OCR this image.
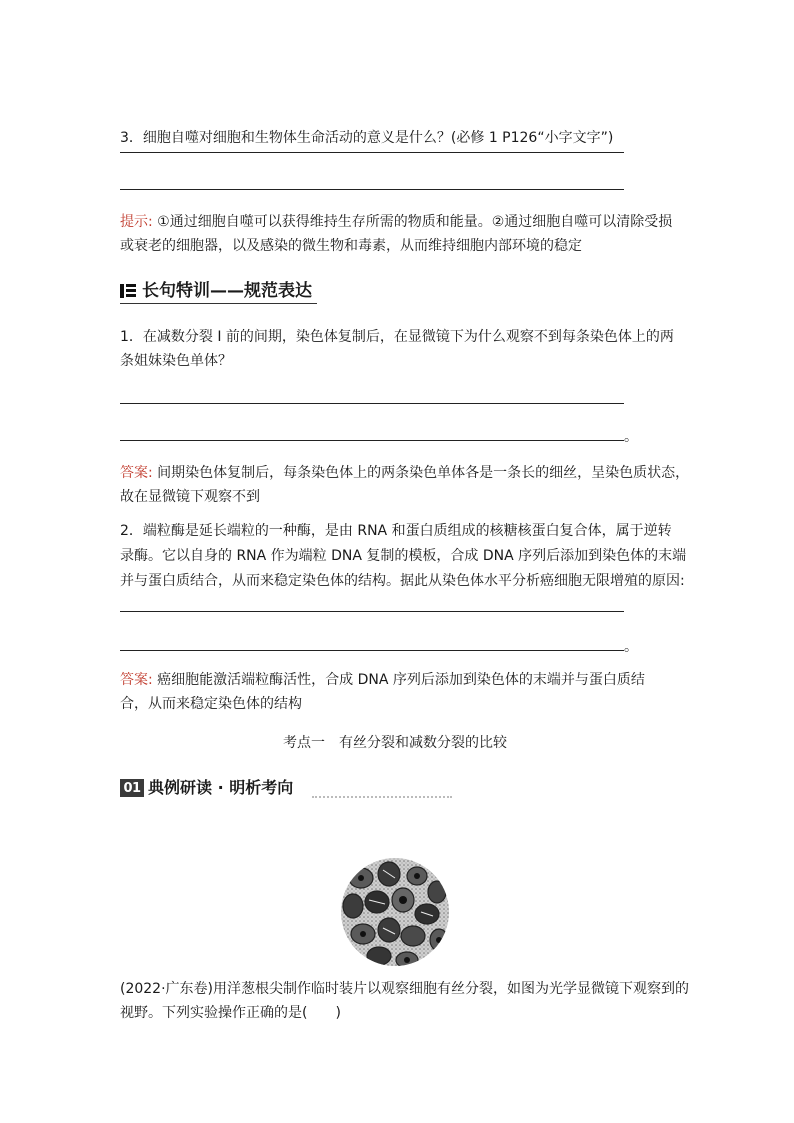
3．细胞自噬对细胞和生物体生命活动的意义是什么？(必修 1 P126“小字文字”)
提示: ①通过细胞自噬可以获得维持生存所需的物质和能量。②通过细胞自噬可以清除受损
或衰老的细胞器，以及感染的微生物和毒素，从而维持细胞内部环境的稳定
长句特训——规范表达
1．在减数分裂 Ⅰ 前的间期，染色体复制后，在显微镜下为什么观察不到每条染色体上的两
条姐妹染色单体？
。
答案: 间期染色体复制后，每条染色体上的两条染色单体各是一条长的细丝，呈染色质状态，
故在显微镜下观察不到
2．端粒酶是延长端粒的一种酶，是由 RNA 和蛋白质组成的核糖核蛋白复合体，属于逆转
录酶。它以自身的 RNA 作为端粒 DNA 复制的模板，合成 DNA 序列后添加到染色体的末端
并与蛋白质结合，从而来稳定染色体的结构。据此从染色体水平分析癌细胞无限增殖的原因:
。
答案: 癌细胞能激活端粒酶活性，合成 DNA 序列后添加到染色体的末端并与蛋白质结
合，从而来稳定染色体的结构
考点一　有丝分裂和减数分裂的比较
01 典例研读 · 明析考向
(2022·广东卷)用洋葱根尖制作临时装片以观察细胞有丝分裂，如图为光学显微镜下观察到的
视野。下列实验操作正确的是(　　)
